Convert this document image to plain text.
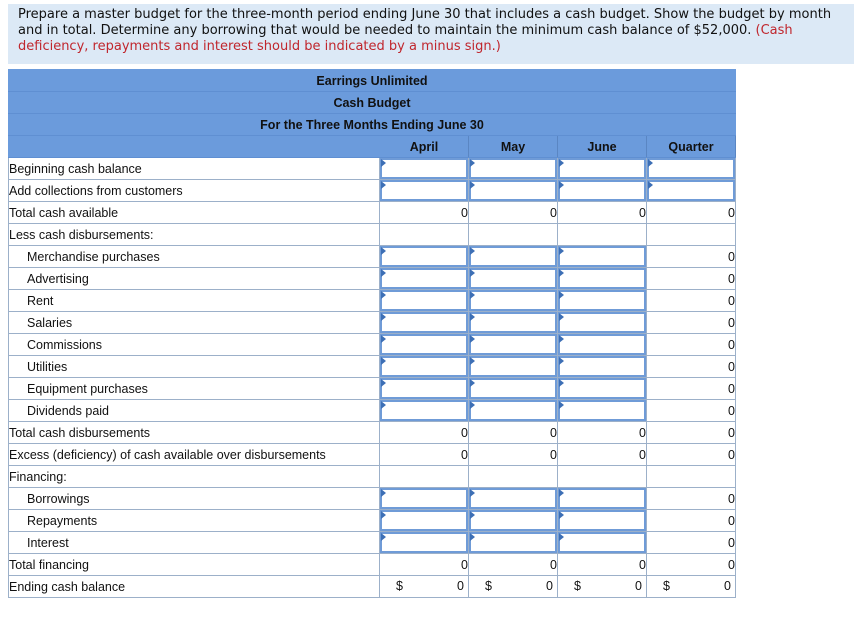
Prepare a master budget for the three-month period ending June 30 that includes a cash budget. Show the budget by month and in total. Determine any borrowing that would be needed to maintain the minimum cash balance of $52,000. (Cash deficiency, repayments and interest should be indicated by a minus sign.)
Earrings Unlimited				
Cash Budget				
For the Three Months Ending June 30				
	April	May	June	Quarter
Beginning cash balance	

Add collections from customers	

Total cash available	0	0	0	0
Less cash disbursements:				
Merchandise purchases				0
Advertising				0
Rent				0
Salaries				0
Commissions				0
Utilities				0
Equipment purchases				0
Dividends paid				0
Total cash disbursements	0	0	0	0
Excess (deficiency) of cash available over disbursements	0	0	0	0
Financing:				
Borrowings				0
Repayments				0
Interest				0
Total financing	0	0	0	0
Ending cash balance	$ 0	$ 0	$ 0	$ 0
